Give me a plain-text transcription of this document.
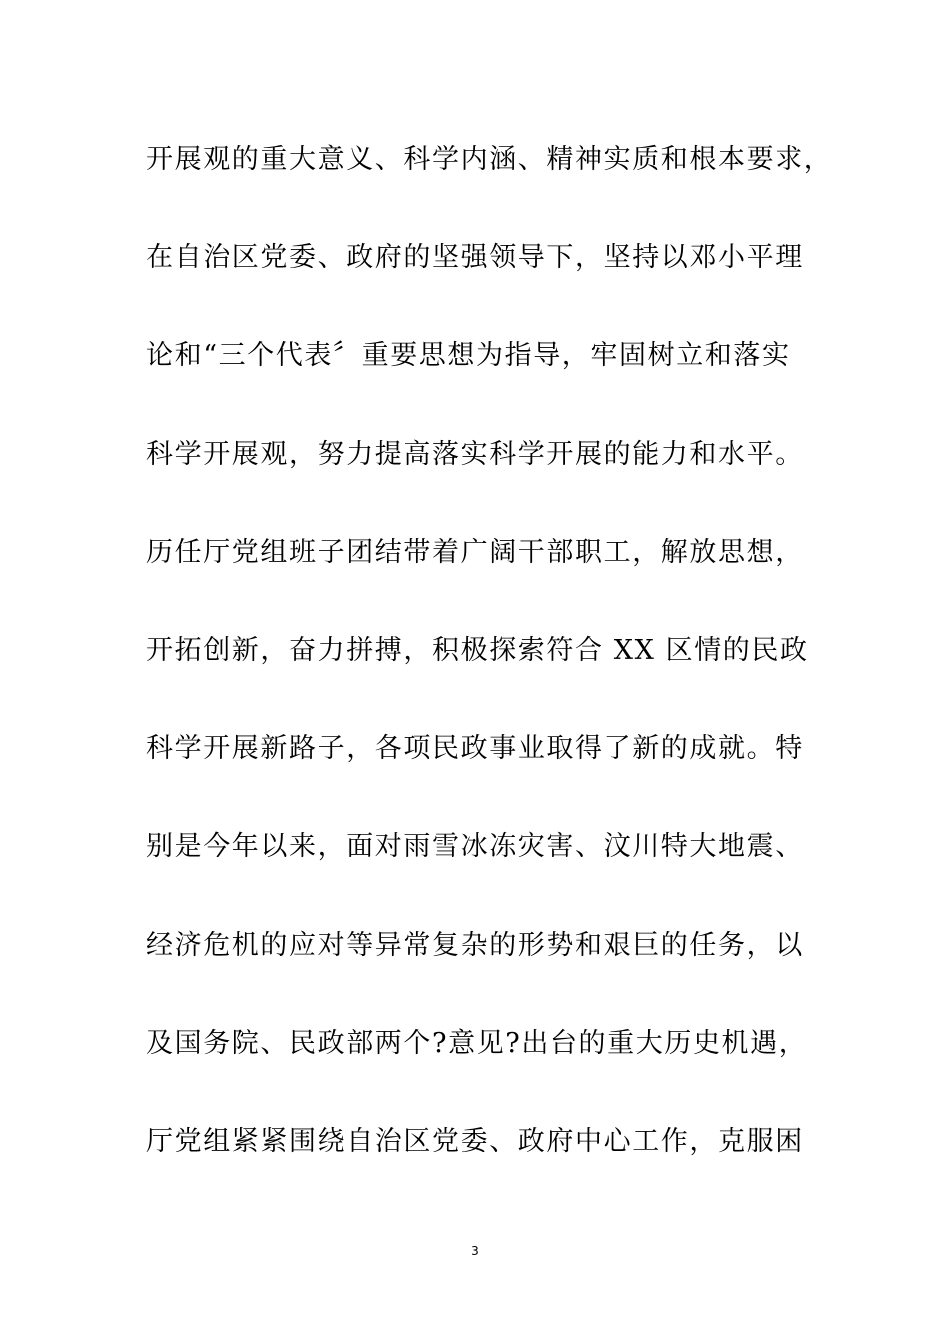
开展观的重大意义、科学内涵、精神实质和根本要求，
在自治区党委、政府的坚强领导下，坚持以邓小平理
论和“三个代表〞重要思想为指导，牢固树立和落实
科学开展观，努力提高落实科学开展的能力和水平。
历任厅党组班子团结带着广阔干部职工，解放思想，
开拓创新，奋力拼搏，积极探索符合 XX 区情的民政
科学开展新路子，各项民政事业取得了新的成就。特
别是今年以来，面对雨雪冰冻灾害、汶川特大地震、
经济危机的应对等异常复杂的形势和艰巨的任务，以
及国务院、民政部两个?意见?出台的重大历史机遇，
厅党组紧紧围绕自治区党委、政府中心工作，克服困
3
